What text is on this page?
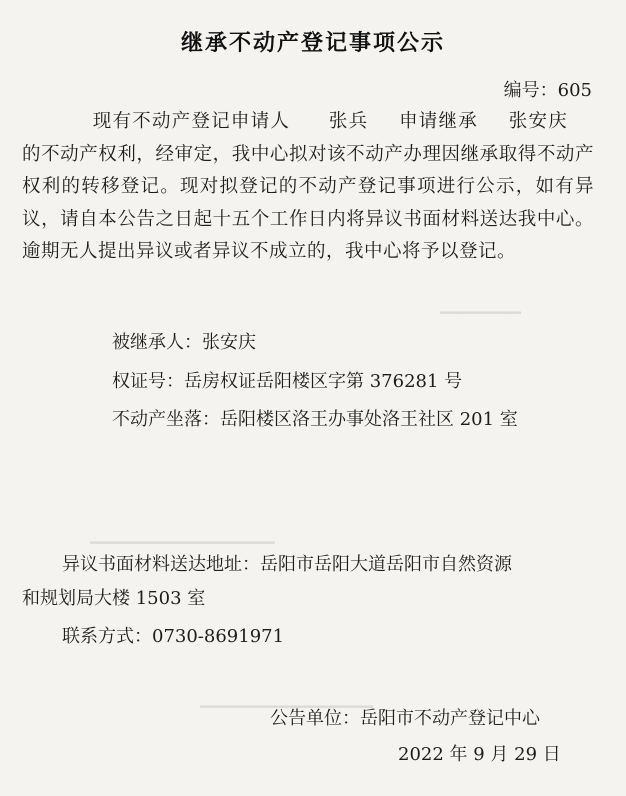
▁▁▁▁▁▁▁
▁▁▁▁▁▁▁▁▁▁▁▁▁▁▁▁
▁▁▁▁▁▁▁▁▁▁▁▁▁▁▁
继承不动产登记事项公示
编号：605
现有不动产登记申请人 张兵 申请继承 张安庆的不动产权利，经审定，我中心拟对该不动产办理因继承取得不动产权利的转移登记。现对拟登记的不动产登记事项进行公示，如有异议，请自本公告之日起十五个工作日内将异议书面材料送达我中心。逾期无人提出异议或者异议不成立的，我中心将予以登记。
被继承人：张安庆
权证号：岳房权证岳阳楼区字第 376281 号
不动产坐落：岳阳楼区洛王办事处洛王社区 201 室
异议书面材料送达地址：岳阳市岳阳大道岳阳市自然资源
和规划局大楼 1503 室
联系方式：0730-8691971
公告单位：岳阳市不动产登记中心
2022 年 9 月 29 日
